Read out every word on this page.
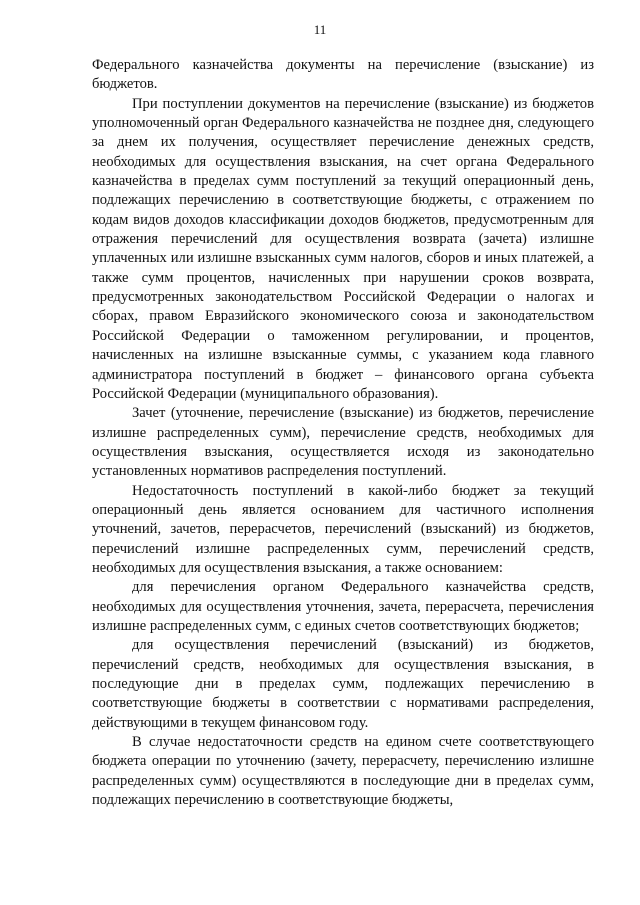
11

Федерального казначейства документы на перечисление (взыскание) из бюджетов.

При поступлении документов на перечисление (взыскание) из бюджетов уполномоченный орган Федерального казначейства не позднее дня, следующего за днем их получения, осуществляет перечисление денежных средств, необходимых для осуществления взыскания, на счет органа Федерального казначейства в пределах сумм поступлений за текущий операционный день, подлежащих перечислению в соответствующие бюджеты, с отражением по кодам видов доходов классификации доходов бюджетов, предусмотренным для отражения перечислений для осуществления возврата (зачета) излишне уплаченных или излишне взысканных сумм налогов, сборов и иных платежей, а также сумм процентов, начисленных при нарушении сроков возврата, предусмотренных законодательством Российской Федерации о налогах и сборах, правом Евразийского экономического союза и законодательством Российской Федерации о таможенном регулировании, и процентов, начисленных на излишне взысканные суммы, с указанием кода главного администратора поступлений в бюджет – финансового органа субъекта Российской Федерации (муниципального образования).

Зачет (уточнение, перечисление (взыскание) из бюджетов, перечисление излишне распределенных сумм), перечисление средств, необходимых для осуществления взыскания, осуществляется исходя из законодательно установленных нормативов распределения поступлений.

Недостаточность поступлений в какой-либо бюджет за текущий операционный день является основанием для частичного исполнения уточнений, зачетов, перерасчетов, перечислений (взысканий) из бюджетов, перечислений излишне распределенных сумм, перечислений средств, необходимых для осуществления взыскания, а также основанием:

для перечисления органом Федерального казначейства средств, необходимых для осуществления уточнения, зачета, перерасчета, перечисления излишне распределенных сумм, с единых счетов соответствующих бюджетов;

для осуществления перечислений (взысканий) из бюджетов, перечислений средств, необходимых для осуществления взыскания, в последующие дни в пределах сумм, подлежащих перечислению в соответствующие бюджеты в соответствии с нормативами распределения, действующими в текущем финансовом году.

В случае недостаточности средств на едином счете соответствующего бюджета операции по уточнению (зачету, перерасчету, перечислению излишне распределенных сумм) осуществляются в последующие дни в пределах сумм, подлежащих перечислению в соответствующие бюджеты,
